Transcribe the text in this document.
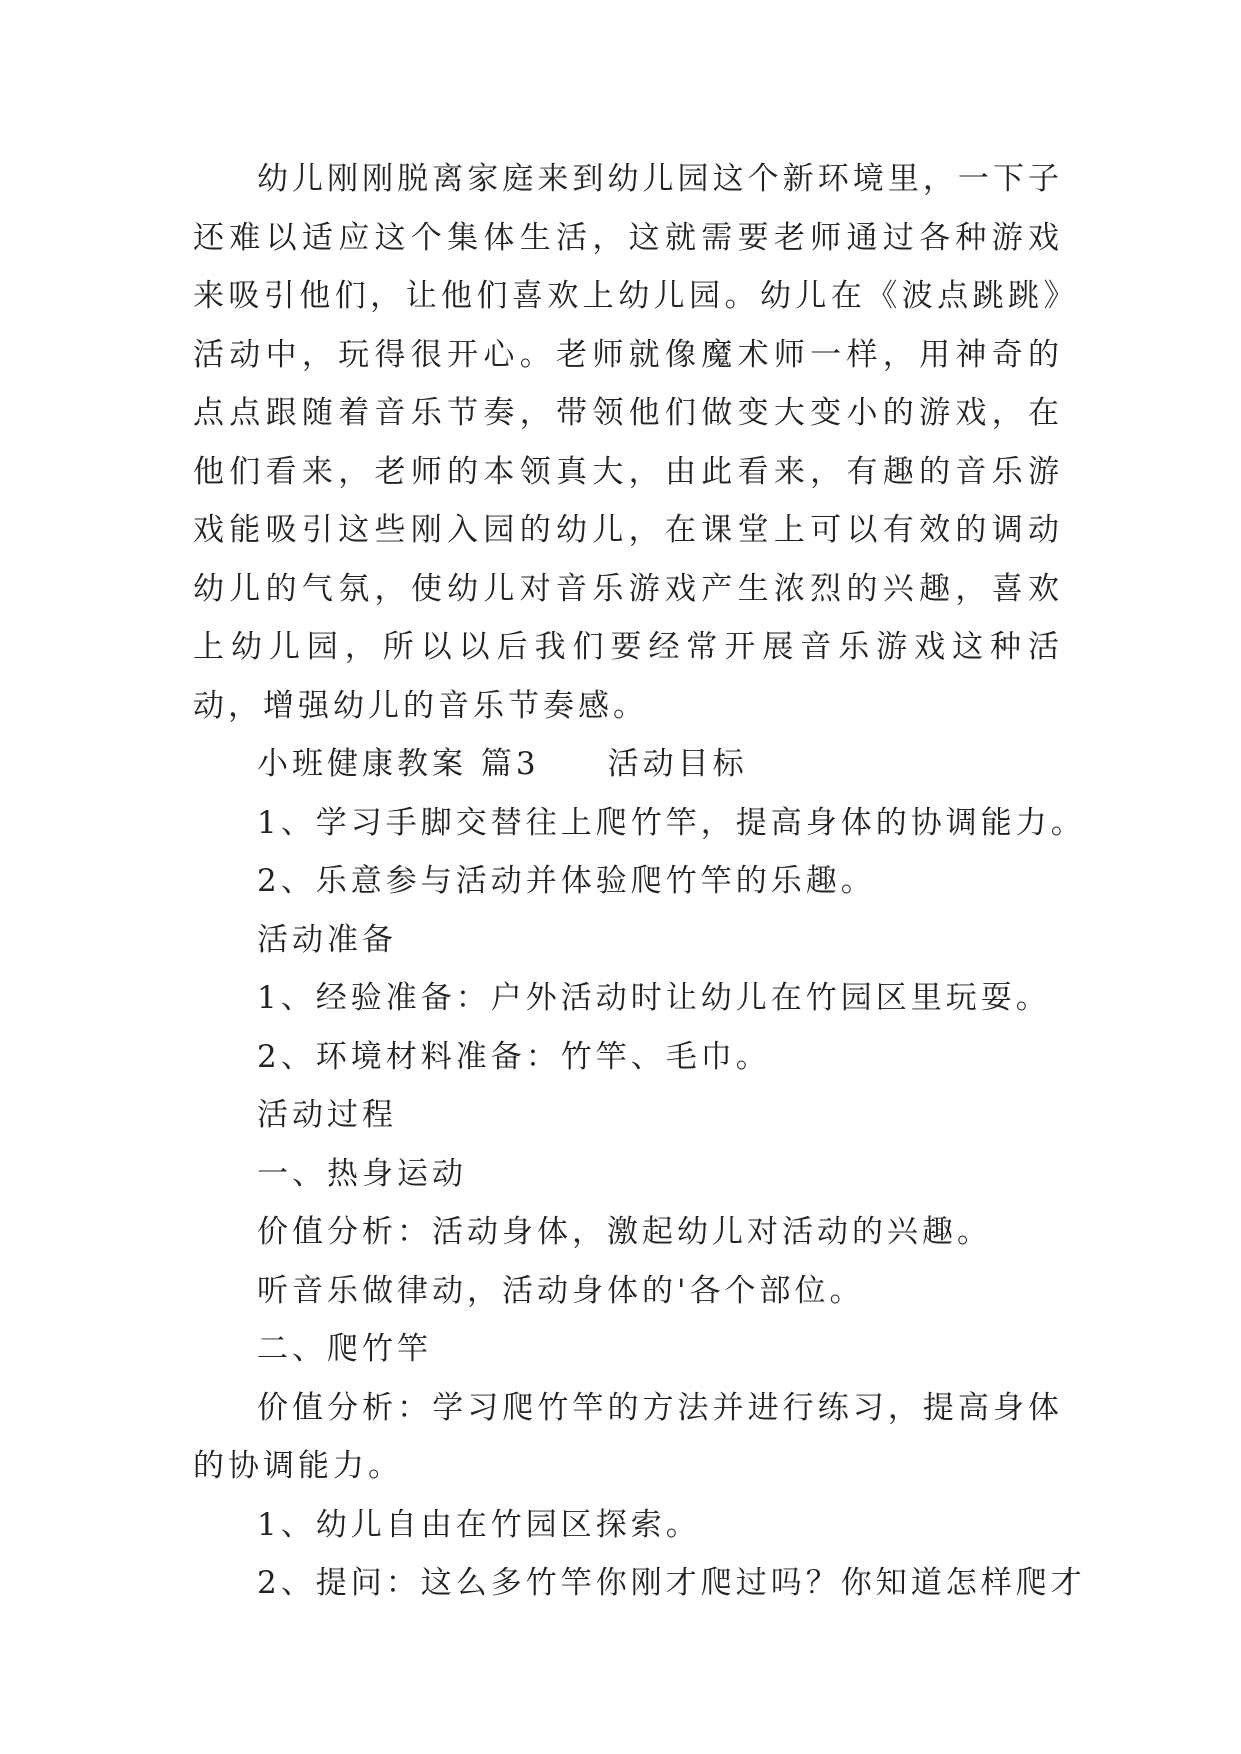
幼儿刚刚脱离家庭来到幼儿园这个新环境里，一下子还难以适应这个集体生活，这就需要老师通过各种游戏来吸引他们，让他们喜欢上幼儿园。幼儿在《波点跳跳》活动中，玩得很开心。老师就像魔术师一样，用神奇的点点跟随着音乐节奏，带领他们做变大变小的游戏，在他们看来，老师的本领真大，由此看来，有趣的音乐游戏能吸引这些刚入园的幼儿，在课堂上可以有效的调动幼儿的气氛，使幼儿对音乐游戏产生浓烈的兴趣，喜欢上幼儿园，所以以后我们要经常开展音乐游戏这种活动，增强幼儿的音乐节奏感。

小班健康教案 篇3 活动目标

1、学习手脚交替往上爬竹竿，提高身体的协调能力。

2、乐意参与活动并体验爬竹竿的乐趣。

活动准备

1、经验准备：户外活动时让幼儿在竹园区里玩耍。

2、环境材料准备：竹竿、毛巾。

活动过程

一、热身运动

价值分析：活动身体，激起幼儿对活动的兴趣。

听音乐做律动，活动身体的'各个部位。

二、爬竹竿

价值分析：学习爬竹竿的方法并进行练习，提高身体的协调能力。

1、幼儿自由在竹园区探索。

2、提问：这么多竹竿你刚才爬过吗？你知道怎样爬才
